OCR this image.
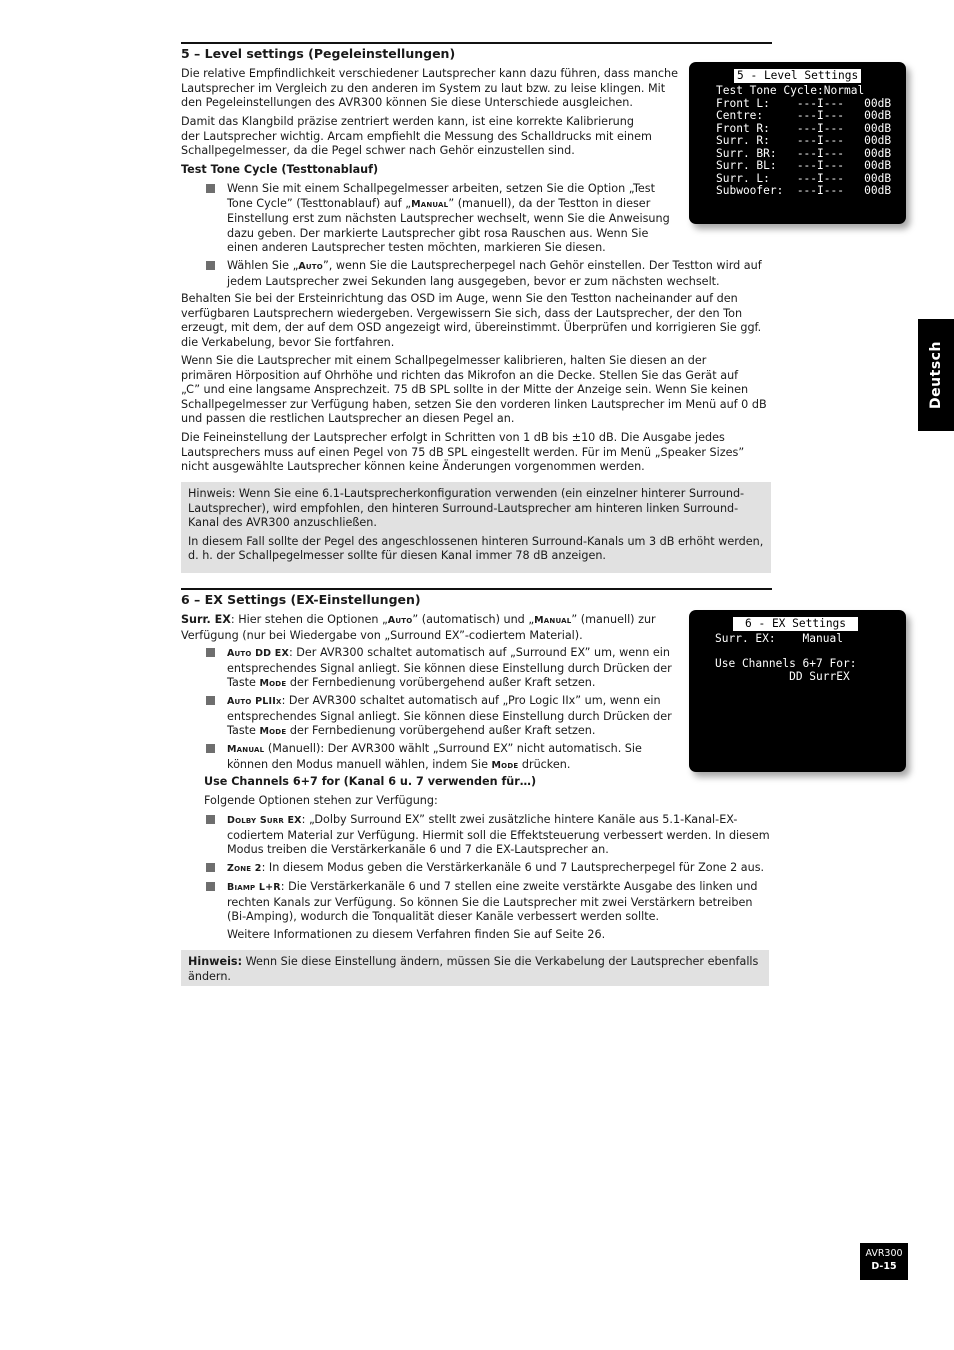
Deutsch
5 – Level settings (Pegeleinstellungen)
Die relative Empfindlichkeit verschiedener Lautsprecher kann dazu führen, dass manche
Lautsprecher im Vergleich zu den anderen im System zu laut bzw. zu leise klingen. Mit
den Pegeleinstellungen des AVR300 können Sie diese Unterschiede ausgleichen.
Damit das Klangbild präzise zentriert werden kann, ist eine korrekte Kalibrierung
der Lautsprecher wichtig. Arcam empfiehlt die Messung des Schalldrucks mit einem
Schallpegelmesser, da die Pegel schwer nach Gehör einzustellen sind.
Test Tone Cycle (Testtonablauf)
Wenn Sie mit einem Schallpegelmesser arbeiten, setzen Sie die Option „Test
Tone Cycle” (Testtonablauf) auf „Manual” (manuell), da der Testton in dieser
Einstellung erst zum nächsten Lautsprecher wechselt, wenn Sie die Anweisung
dazu geben. Der markierte Lautsprecher gibt rosa Rauschen aus. Wenn Sie
einen anderen Lautsprecher testen möchten, markieren Sie diesen.
Wählen Sie „Auto”, wenn Sie die Lautsprecherpegel nach Gehör einstellen. Der Testton wird auf
jedem Lautsprecher zwei Sekunden lang ausgegeben, bevor er zum nächsten wechselt.
Behalten Sie bei der Ersteinrichtung das OSD im Auge, wenn Sie den Testton nacheinander auf den
verfügbaren Lautsprechern wiedergeben. Vergewissern Sie sich, dass der Lautsprecher, der den Ton
erzeugt, mit dem, der auf dem OSD angezeigt wird, übereinstimmt. Überprüfen und korrigieren Sie ggf.
die Verkabelung, bevor Sie fortfahren.
Wenn Sie die Lautsprecher mit einem Schallpegelmesser kalibrieren, halten Sie diesen an der
primären Hörposition auf Ohrhöhe und richten das Mikrofon an die Decke. Stellen Sie das Gerät auf
„C” und eine langsame Ansprechzeit. 75 dB SPL sollte in der Mitte der Anzeige sein. Wenn Sie keinen
Schallpegelmesser zur Verfügung haben, setzen Sie den vorderen linken Lautsprecher im Menü auf 0 dB
und passen die restlichen Lautsprecher an diesen Pegel an.
Die Feineinstellung der Lautsprecher erfolgt in Schritten von 1 dB bis ±10 dB. Die Ausgabe jedes
Lautsprechers muss auf einen Pegel von 75 dB SPL eingestellt werden. Für im Menü „Speaker Sizes”
nicht ausgewählte Lautsprecher können keine Änderungen vorgenommen werden.
Hinweis: Wenn Sie eine 6.1-Lautsprecherkonfiguration verwenden (ein einzelner hinterer Surround-
Lautsprecher), wird empfohlen, den hinteren Surround-Lautsprecher am hinteren linken Surround-
Kanal des AVR300 anzuschließen.
In diesem Fall sollte der Pegel des angeschlossenen hinteren Surround-Kanals um 3 dB erhöht werden,
d. h. der Schallpegelmesser sollte für diesen Kanal immer 78 dB anzeigen.
5 - Level Settings
Test Tone Cycle:Normal
Front L:    ---I---   00dB
Centre:     ---I---   00dB
Front R:    ---I---   00dB
Surr. R:    ---I---   00dB
Surr. BR:   ---I---   00dB
Surr. BL:   ---I---   00dB
Surr. L:    ---I---   00dB
Subwoofer:  ---I---   00dB
6 – EX Settings (EX-Einstellungen)
Surr. EX: Hier stehen die Optionen „Auto” (automatisch) und „Manual” (manuell) zur
Verfügung (nur bei Wiedergabe von „Surround EX”-codiertem Material).
Auto DD EX: Der AVR300 schaltet automatisch auf „Surround EX” um, wenn ein
entsprechendes Signal anliegt. Sie können diese Einstellung durch Drücken der
Taste Mode der Fernbedienung vorübergehend außer Kraft setzen.
Auto PLIIx: Der AVR300 schaltet automatisch auf „Pro Logic IIx” um, wenn ein
entsprechendes Signal anliegt. Sie können diese Einstellung durch Drücken der
Taste Mode der Fernbedienung vorübergehend außer Kraft setzen.
Manual (Manuell): Der AVR300 wählt „Surround EX” nicht automatisch. Sie
können den Modus manuell wählen, indem Sie Mode drücken.
Use Channels 6+7 for (Kanal 6 u. 7 verwenden für…)
Folgende Optionen stehen zur Verfügung:
Dolby Surr EX: „Dolby Surround EX” stellt zwei zusätzliche hintere Kanäle aus 5.1-Kanal-EX-
codiertem Material zur Verfügung. Hiermit soll die Effektsteuerung verbessert werden. In diesem
Modus treiben die Verstärkerkanäle 6 und 7 die EX-Lautsprecher an.
Zone 2: In diesem Modus geben die Verstärkerkanäle 6 und 7 Lautsprecherpegel für Zone 2 aus.
Biamp L+R: Die Verstärkerkanäle 6 und 7 stellen eine zweite verstärkte Ausgabe des linken und
rechten Kanals zur Verfügung. So können Sie die Lautsprecher mit zwei Verstärkern betreiben
(Bi-Amping), wodurch die Tonqualität dieser Kanäle verbessert werden sollte.
Weitere Informationen zu diesem Verfahren finden Sie auf Seite 26.
Hinweis: Wenn Sie diese Einstellung ändern, müssen Sie die Verkabelung der Lautsprecher ebenfalls
ändern.
6 - EX Settings
Surr. EX:    Manual
Use Channels 6+7 For:
DD SurrEX
AVR300
D-15
